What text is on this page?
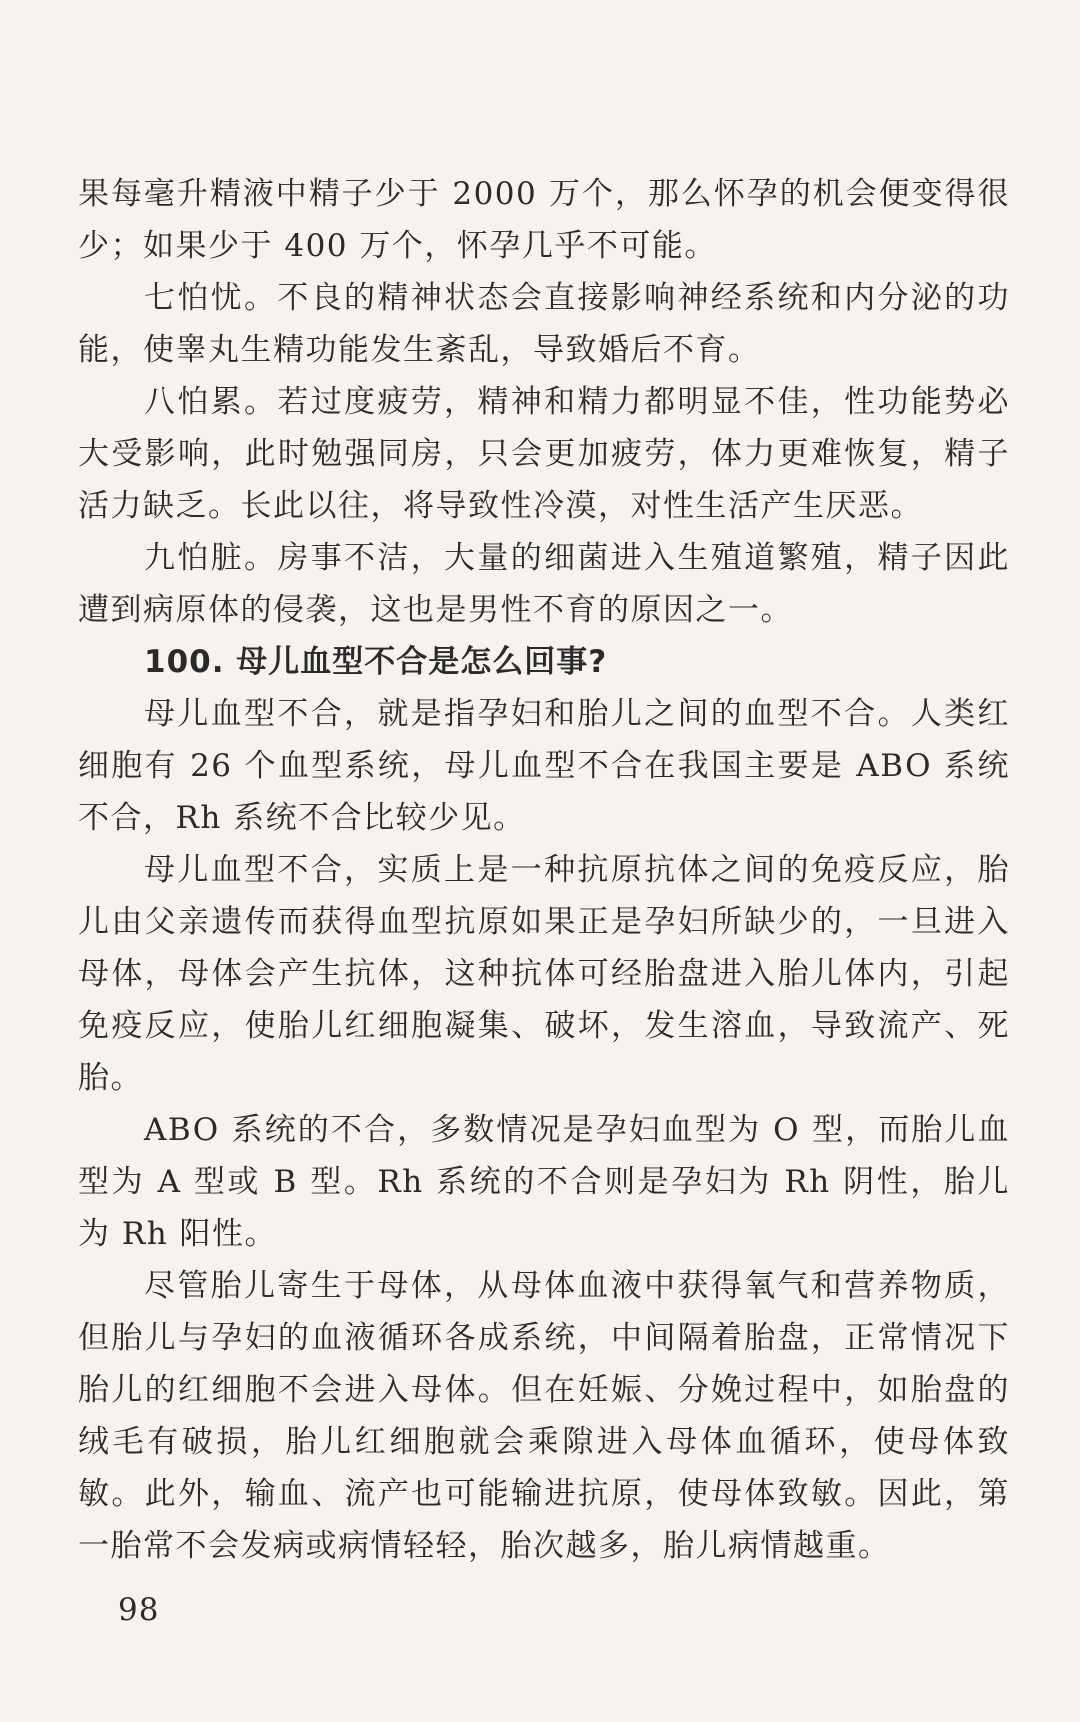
果每毫升精液中精子少于 2000 万个，那么怀孕的机会便变得很少；如果少于 400 万个，怀孕几乎不可能。

七怕忧。不良的精神状态会直接影响神经系统和内分泌的功能，使睾丸生精功能发生紊乱，导致婚后不育。

八怕累。若过度疲劳，精神和精力都明显不佳，性功能势必大受影响，此时勉强同房，只会更加疲劳，体力更难恢复，精子活力缺乏。长此以往，将导致性冷漠，对性生活产生厌恶。

九怕脏。房事不洁，大量的细菌进入生殖道繁殖，精子因此遭到病原体的侵袭，这也是男性不育的原因之一。

100. 母儿血型不合是怎么回事?

母儿血型不合，就是指孕妇和胎儿之间的血型不合。人类红细胞有 26 个血型系统，母儿血型不合在我国主要是 ABO 系统不合，Rh 系统不合比较少见。

母儿血型不合，实质上是一种抗原抗体之间的免疫反应，胎儿由父亲遗传而获得血型抗原如果正是孕妇所缺少的，一旦进入母体，母体会产生抗体，这种抗体可经胎盘进入胎儿体内，引起免疫反应，使胎儿红细胞凝集、破坏，发生溶血，导致流产、死胎。

ABO 系统的不合，多数情况是孕妇血型为 O 型，而胎儿血型为 A 型或 B 型。Rh 系统的不合则是孕妇为 Rh 阴性，胎儿为 Rh 阳性。

尽管胎儿寄生于母体，从母体血液中获得氧气和营养物质，但胎儿与孕妇的血液循环各成系统，中间隔着胎盘，正常情况下胎儿的红细胞不会进入母体。但在妊娠、分娩过程中，如胎盘的绒毛有破损，胎儿红细胞就会乘隙进入母体血循环，使母体致敏。此外，输血、流产也可能输进抗原，使母体致敏。因此，第一胎常不会发病或病情轻轻，胎次越多，胎儿病情越重。

98
